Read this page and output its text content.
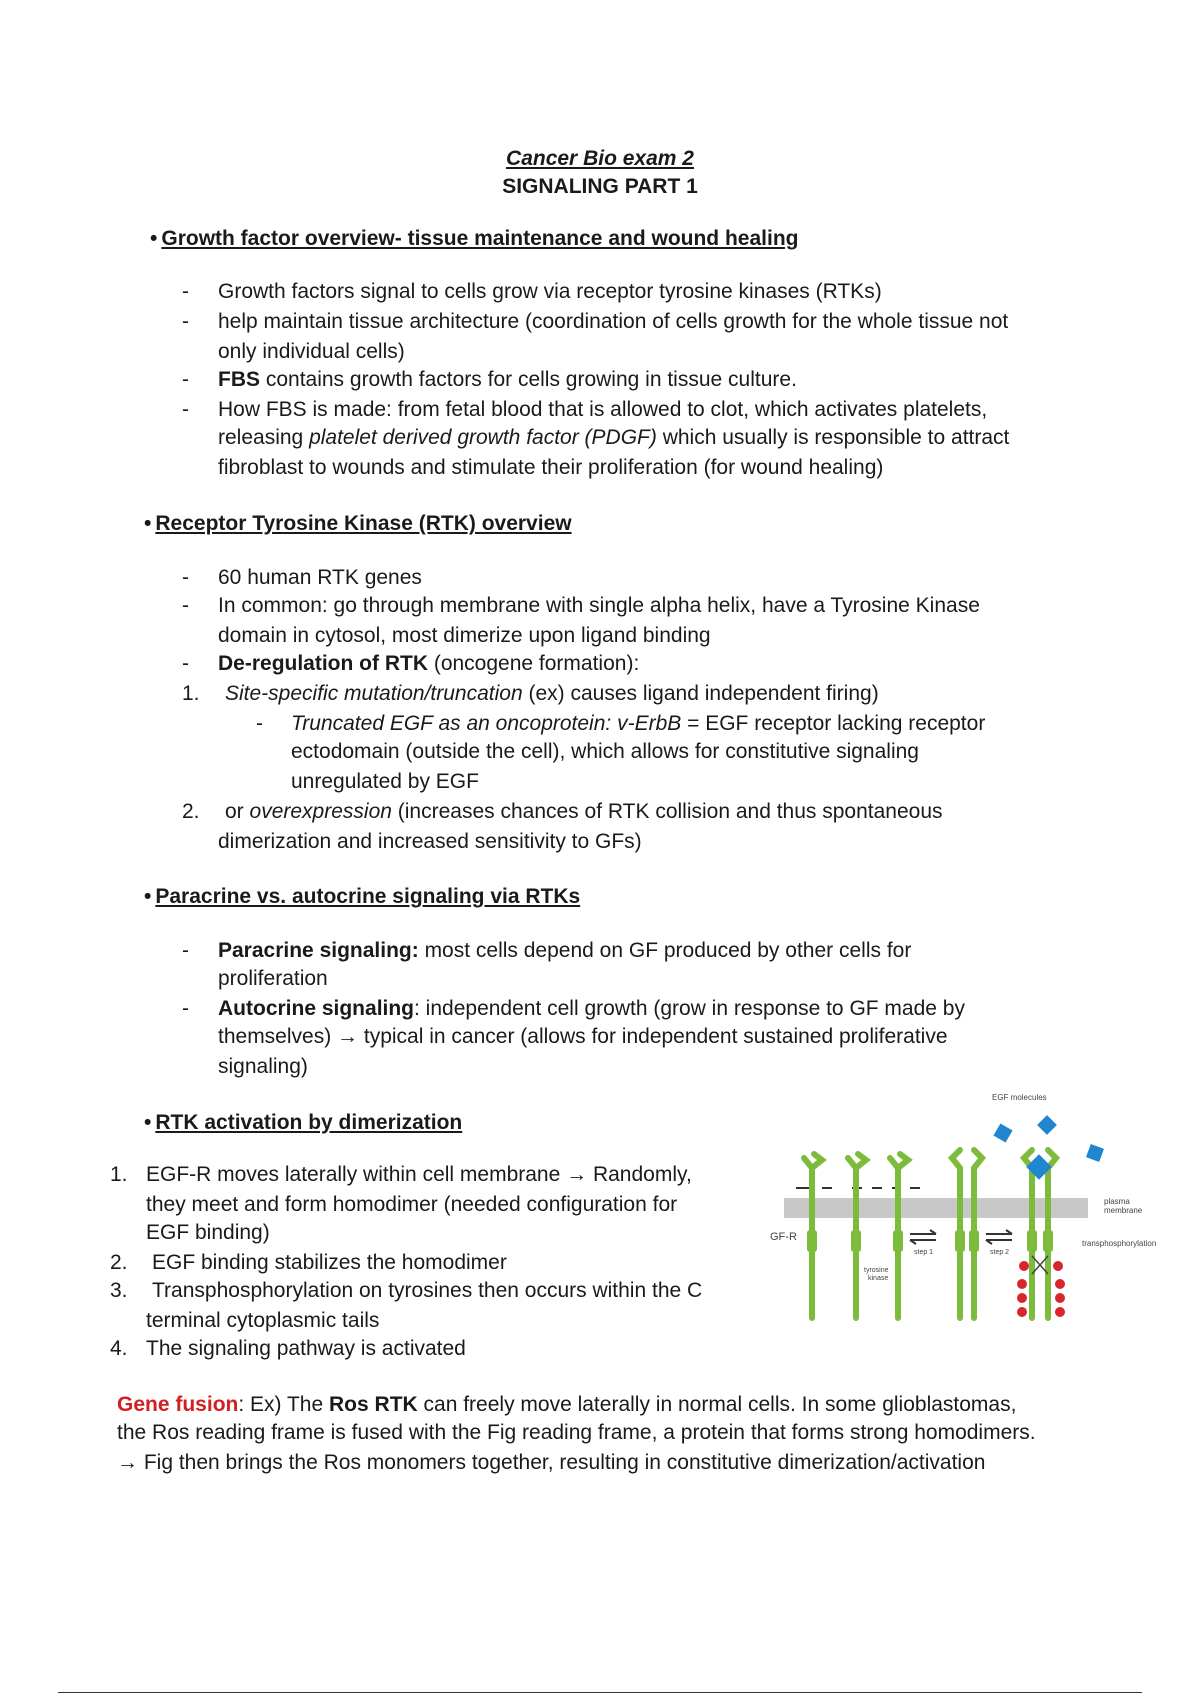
Cancer Bio exam 2
SIGNALING PART 1
• Growth factor overview- tissue maintenance and wound healing
- Growth factors signal to cells grow via receptor tyrosine kinases (RTKs)
- help maintain tissue architecture (coordination of cells growth for the whole tissue not
only individual cells)
- FBS contains growth factors for cells growing in tissue culture.
- How FBS is made: from fetal blood that is allowed to clot, which activates platelets,
releasing platelet derived growth factor (PDGF) which usually is responsible to attract
fibroblast to wounds and stimulate their proliferation (for wound healing)
• Receptor Tyrosine Kinase (RTK) overview
- 60 human RTK genes
- In common: go through membrane with single alpha helix, have a Tyrosine Kinase
domain in cytosol, most dimerize upon ligand binding
- De-regulation of RTK (oncogene formation):
1. Site-specific mutation/truncation (ex) causes ligand independent firing)
- Truncated EGF as an oncoprotein: v-ErbB = EGF receptor lacking receptor
ectodomain (outside the cell), which allows for constitutive signaling
unregulated by EGF
2. or overexpression (increases chances of RTK collision and thus spontaneous
dimerization and increased sensitivity to GFs)
• Paracrine vs. autocrine signaling via RTKs
- Paracrine signaling: most cells depend on GF produced by other cells for
proliferation
- Autocrine signaling: independent cell growth (grow in response to GF made by
themselves) → typical in cancer (allows for independent sustained proliferative
signaling)
• RTK activation by dimerization
1. EGF-R moves laterally within cell membrane → Randomly,
they meet and form homodimer (needed configuration for
EGF binding)
2. EGF binding stabilizes the homodimer
3. Transphosphorylation on tyrosines then occurs within the C
terminal cytoplasmic tails
4. The signaling pathway is activated
EGF molecules
plasma
membrane
GF-R
tyrosine
kinase
step 1	step 2
transphosphorylation
Gene fusion: Ex) The Ros RTK can freely move laterally in normal cells. In some glioblastomas,
the Ros reading frame is fused with the Fig reading frame, a protein that forms strong homodimers.
→ Fig then brings the Ros monomers together, resulting in constitutive dimerization/activation
